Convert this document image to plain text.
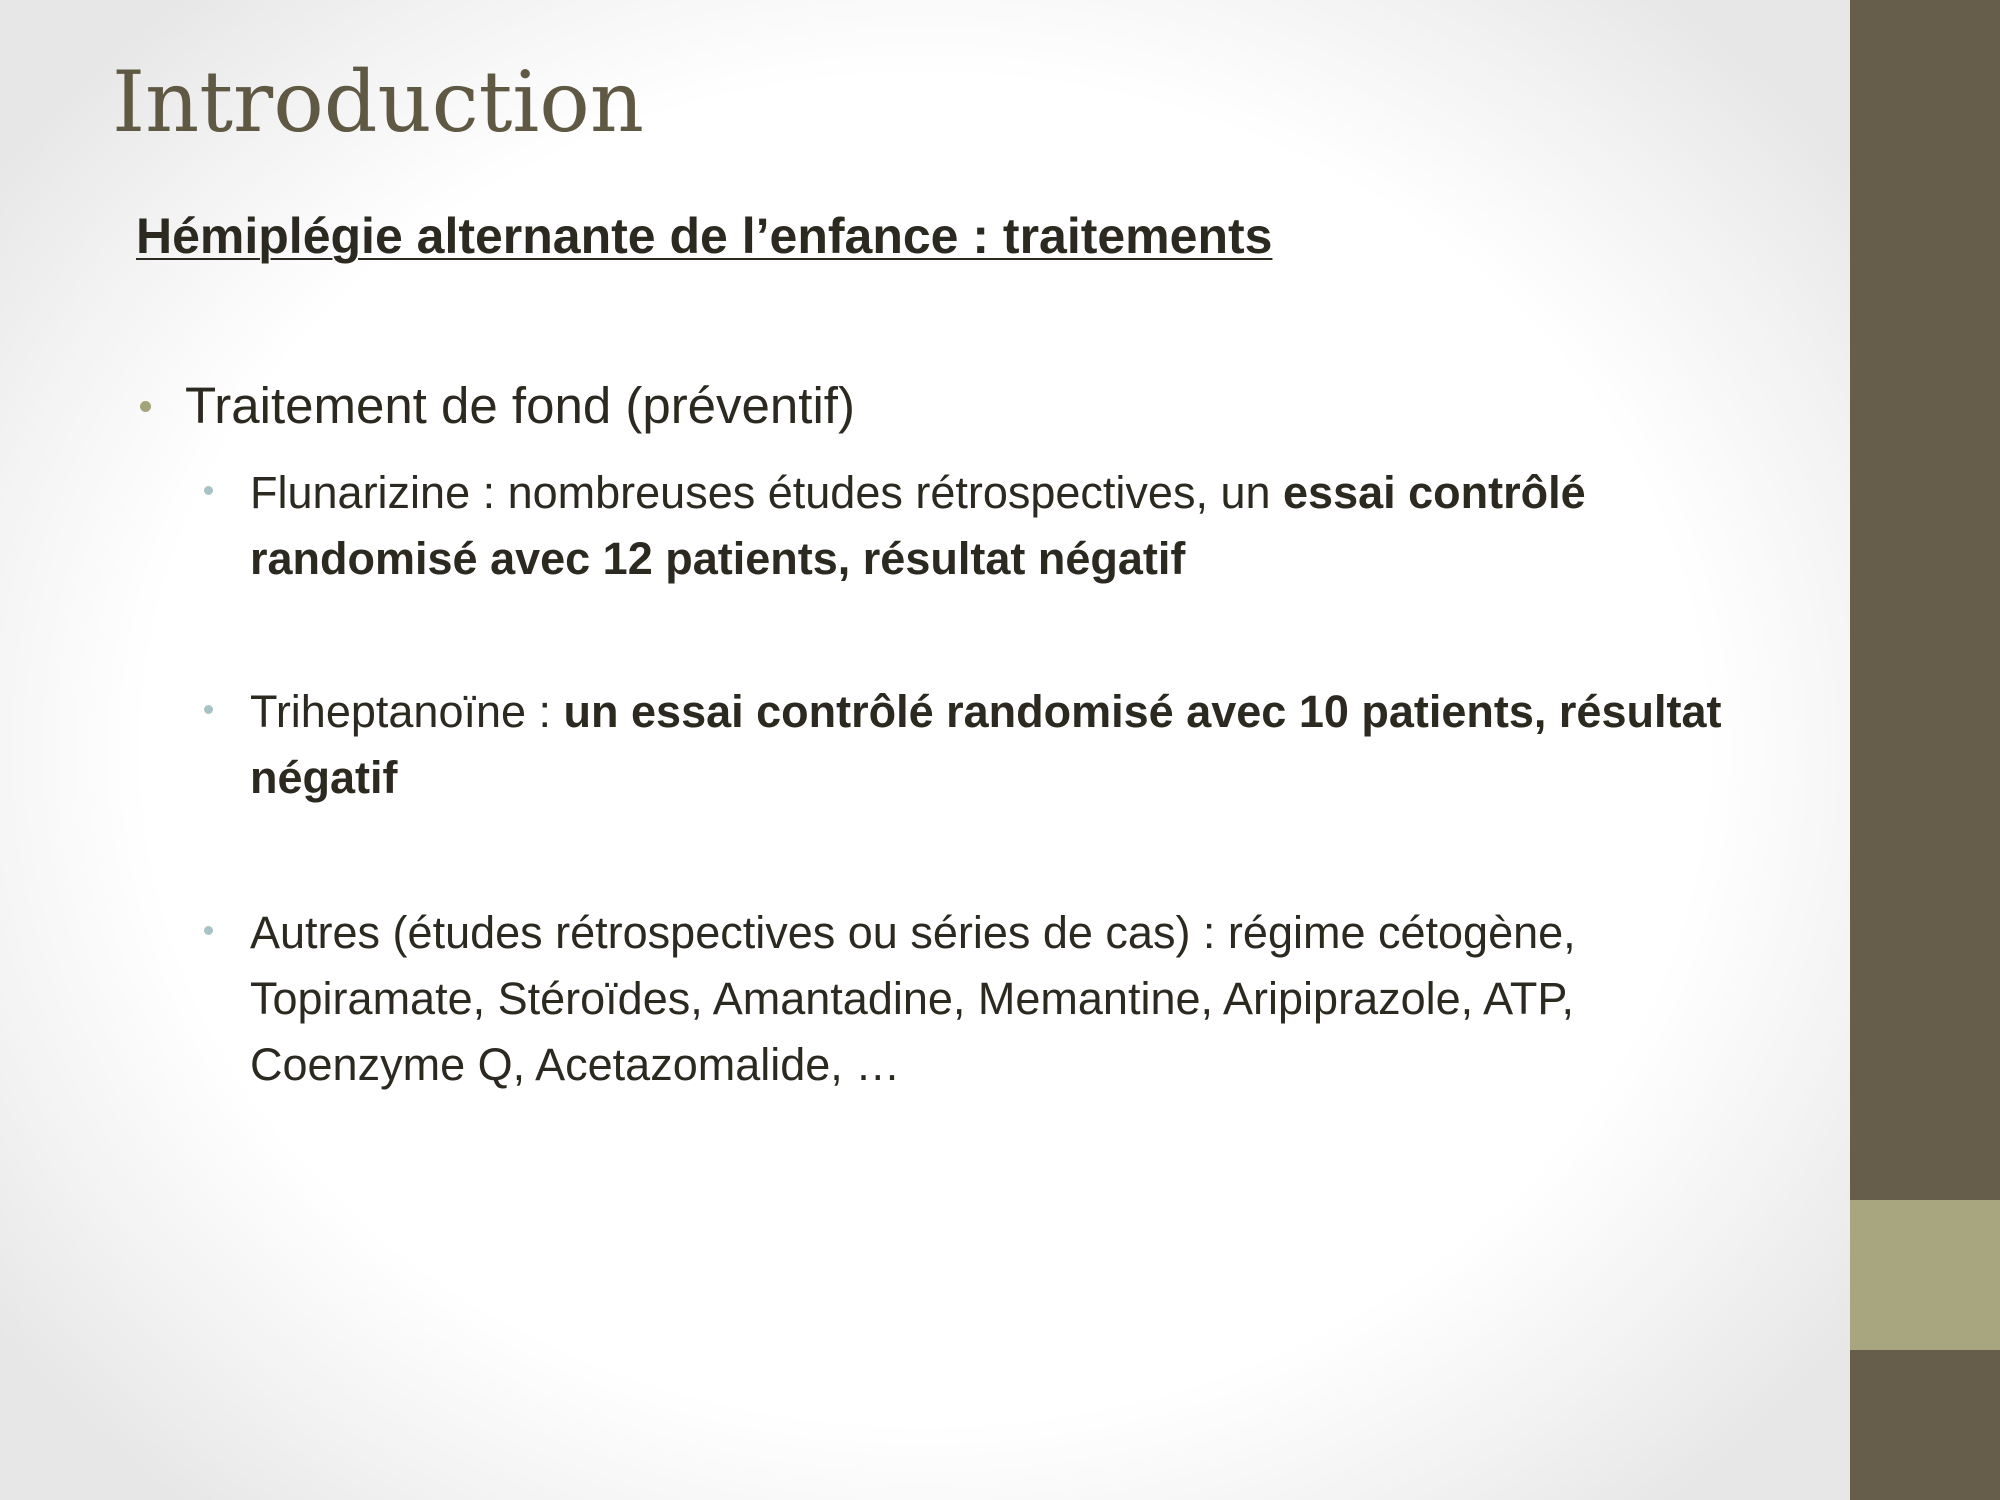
Introduction
Hémiplégie alternante de l’enfance : traitements
Traitement de fond (préventif)
Flunarizine : nombreuses études rétrospectives, un essai contrôlé randomisé avec 12 patients, résultat négatif
Triheptanoïne : un essai contrôlé randomisé avec 10 patients, résultat négatif
Autres (études rétrospectives ou séries de cas) : régime cétogène, Topiramate, Stéroïdes, Amantadine, Memantine, Aripiprazole, ATP, Coenzyme Q, Acetazomalide, …
